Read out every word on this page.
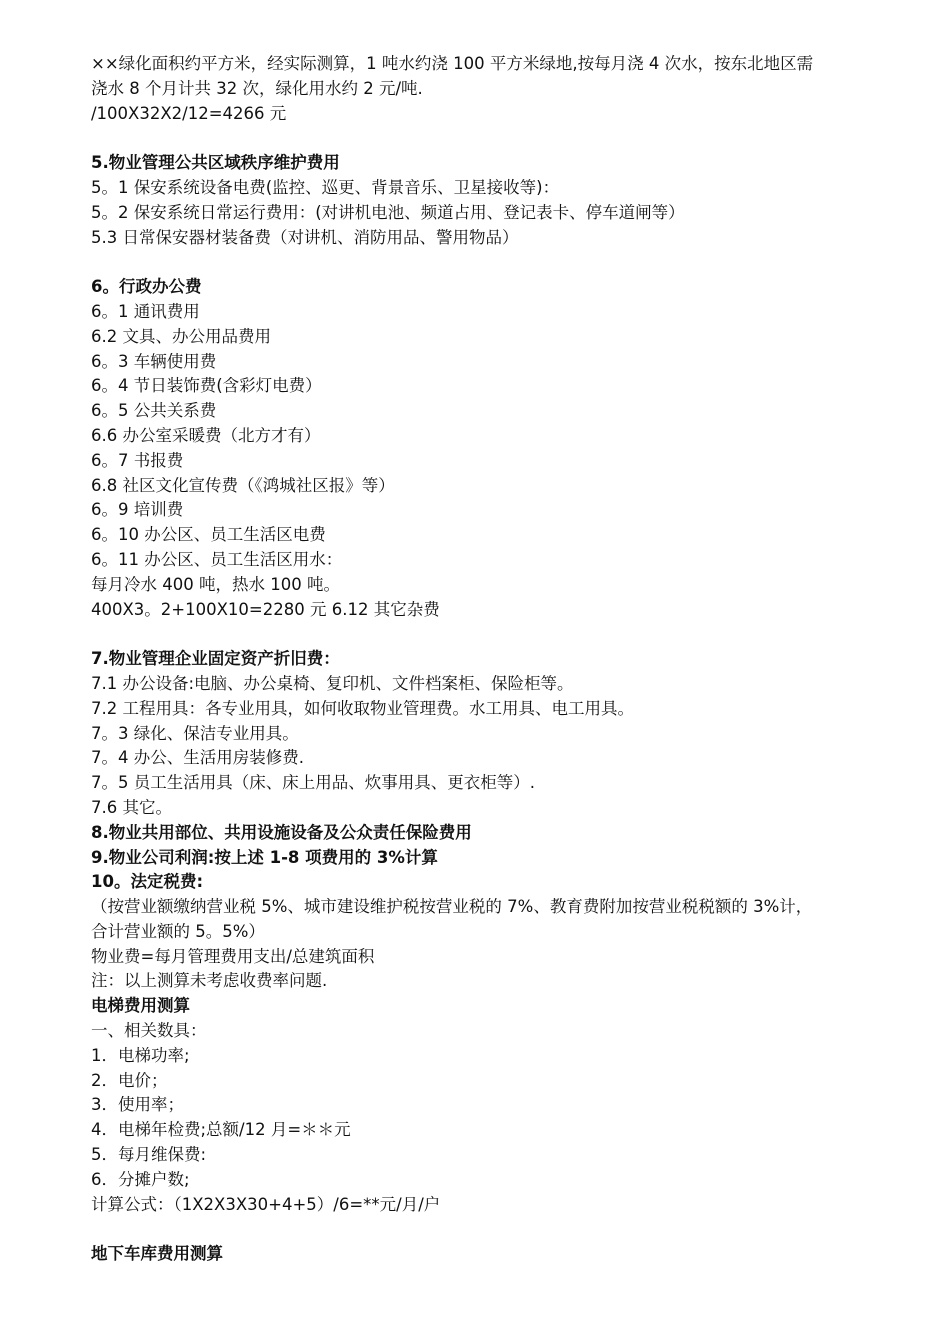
××绿化面积约平方米，经实际测算，1 吨水约浇 100 平方米绿地,按每月浇 4 次水，按东北地区需
浇水 8 个月计共 32 次，绿化用水约 2 元/吨.
/100X32X2/12=4266 元
5.物业管理公共区域秩序维护费用
5。1 保安系统设备电费(监控、巡更、背景音乐、卫星接收等)：
5。2 保安系统日常运行费用：(对讲机电池、频道占用、登记表卡、停车道闸等）
5.3 日常保安器材装备费（对讲机、消防用品、警用物品）
6。行政办公费
6。1 通讯费用
6.2 文具、办公用品费用
6。3 车辆使用费
6。4 节日装饰费(含彩灯电费）
6。5 公共关系费
6.6 办公室采暖费（北方才有）
6。7 书报费
6.8 社区文化宣传费（《鸿城社区报》等）
6。9 培训费
6。10 办公区、员工生活区电费
6。11 办公区、员工生活区用水：
每月冷水 400 吨，热水 100 吨。
400X3。2+100X10=2280 元 6.12 其它杂费
7.物业管理企业固定资产折旧费：
7.1 办公设备:电脑、办公桌椅、复印机、文件档案柜、保险柜等。
7.2 工程用具：各专业用具，如何收取物业管理费。水工用具、电工用具。
7。3 绿化、保洁专业用具。
7。4 办公、生活用房装修费.
7。5 员工生活用具（床、床上用品、炊事用具、更衣柜等）.
7.6 其它。
8.物业共用部位、共用设施设备及公众责任保险费用
9.物业公司利润:按上述 1-8 项费用的 3%计算
10。法定税费:
（按营业额缴纳营业税 5%、城市建设维护税按营业税的 7%、教育费附加按营业税税额的 3%计，
合计营业额的 5。5%）
物业费=每月管理费用支出/总建筑面积
注：以上测算未考虑收费率问题.
电梯费用测算
一、相关数具：
1．电梯功率;
2．电价；
3．使用率；
4．电梯年检费;总额/12 月=＊＊元
5．每月维保费:
6．分摊户数;
计算公式：（1X2X3X30+4+5）/6=**元/月/户
地下车库费用测算
